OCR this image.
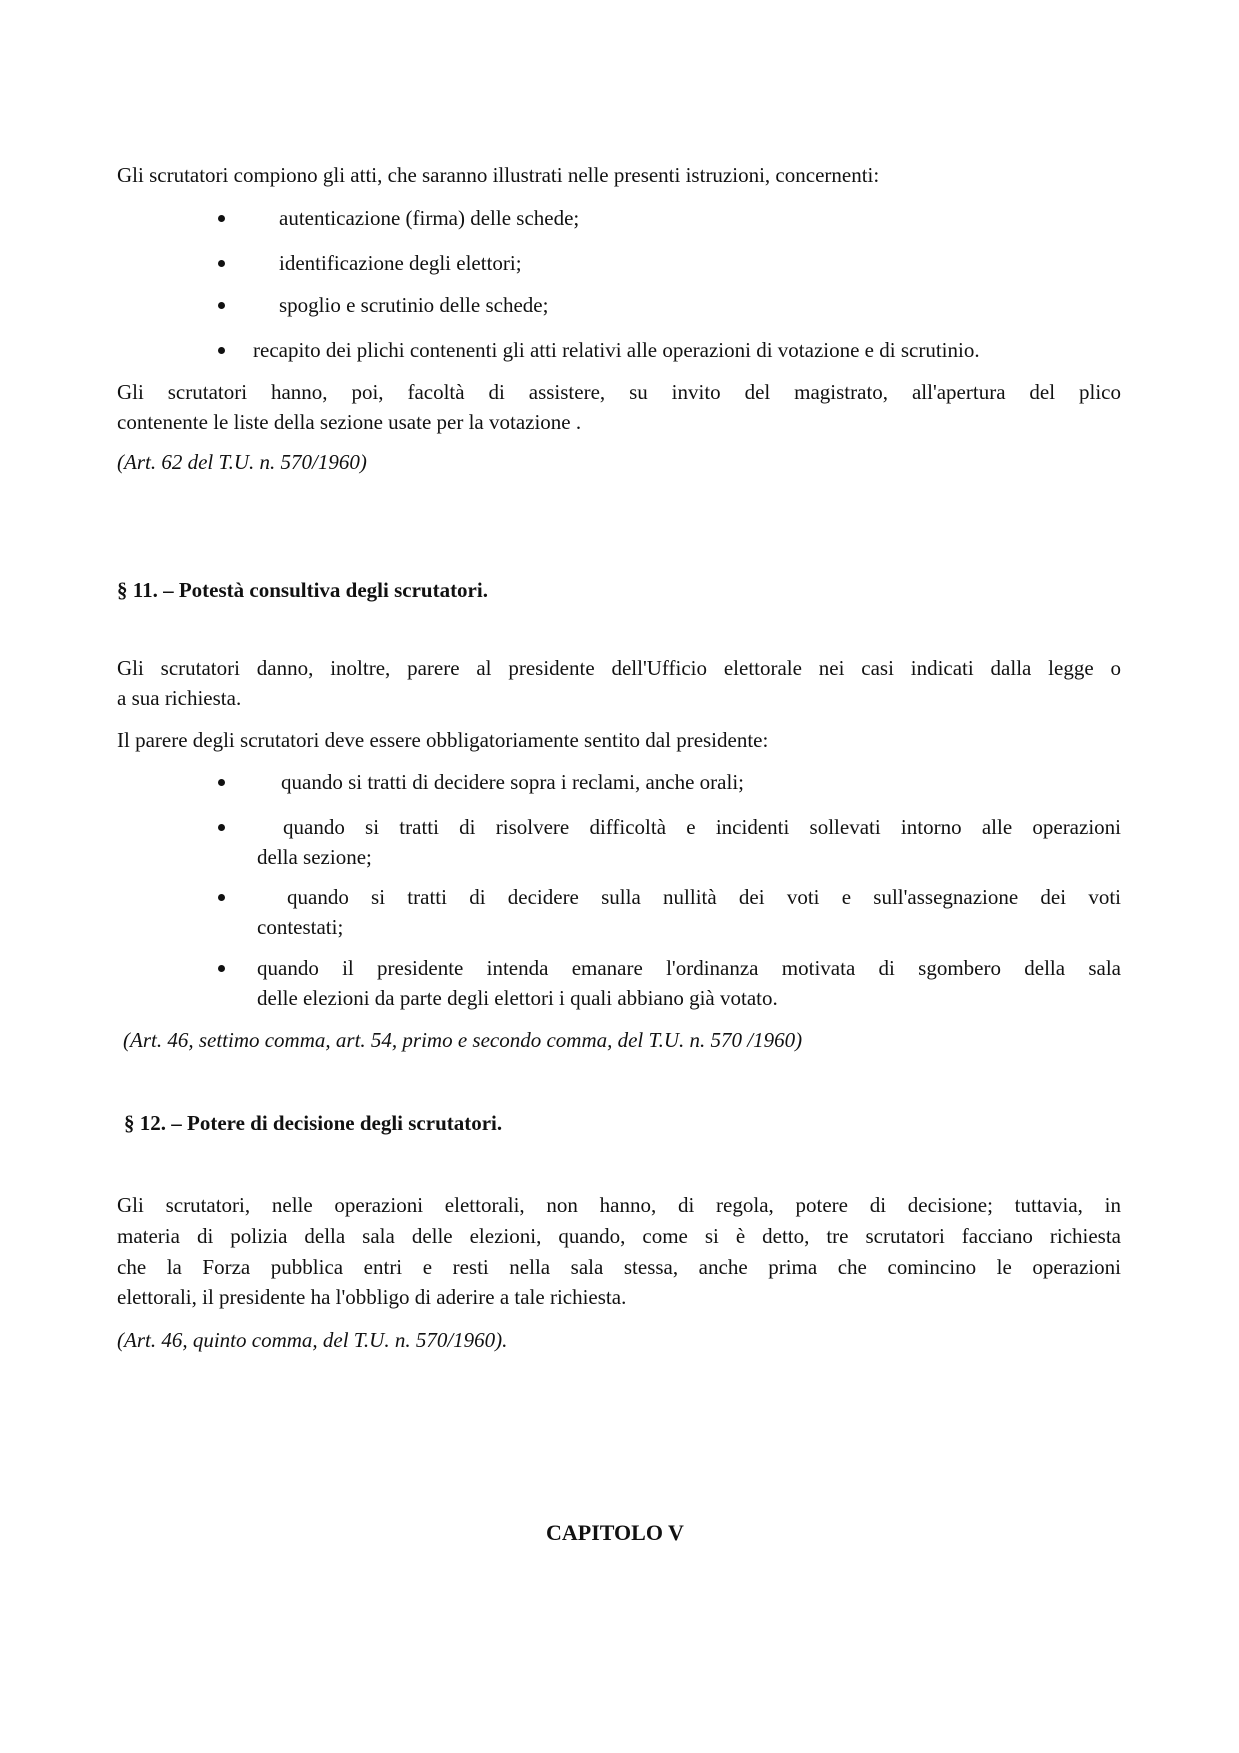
Gli scrutatori compiono gli atti, che saranno illustrati nelle presenti istruzioni, concernenti:
autenticazione (firma) delle schede;
identificazione degli elettori;
spoglio e scrutinio delle schede;
recapito dei plichi contenenti gli atti relativi alle operazioni di votazione e di scrutinio.
Gli scrutatori hanno, poi, facoltà di assistere, su invito del magistrato, all'apertura del plico
contenente le liste della sezione usate per la votazione .
(Art. 62 del T.U. n. 570/1960)
§ 11. – Potestà consultiva degli scrutatori.
Gli scrutatori danno, inoltre, parere al presidente dell'Ufficio elettorale nei casi indicati dalla legge o
a sua richiesta.
Il parere degli scrutatori deve essere obbligatoriamente sentito dal presidente:
quando si tratti di decidere sopra i reclami, anche orali;
quando si tratti di risolvere difficoltà e incidenti sollevati intorno alle operazioni
della sezione;
quando si tratti di decidere sulla nullità dei voti e sull'assegnazione dei voti
contestati;
quando il presidente intenda emanare l'ordinanza motivata di sgombero della sala
delle elezioni da parte degli elettori i quali abbiano già votato.
(Art. 46, settimo comma, art. 54, primo e secondo comma, del T.U. n. 570 /1960)
§ 12. – Potere di decisione degli scrutatori.
Gli scrutatori, nelle operazioni elettorali, non hanno, di regola, potere di decisione; tuttavia, in
materia di polizia della sala delle elezioni, quando, come si è detto, tre scrutatori facciano richiesta
che la Forza pubblica entri e resti nella sala stessa, anche prima che comincino le operazioni
elettorali, il presidente ha l'obbligo di aderire a tale richiesta.
(Art. 46, quinto comma, del T.U. n. 570/1960).
CAPITOLO V
